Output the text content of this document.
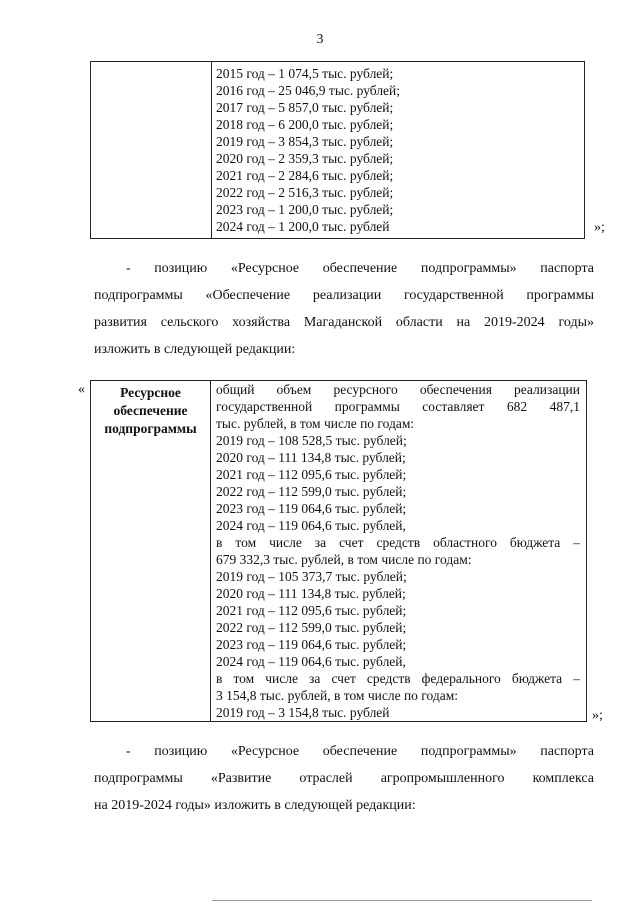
3

2015 год – 1 074,5 тыс. рублей;
2016 год – 25 046,9 тыс. рублей;
2017 год – 5 857,0 тыс. рублей;
2018 год – 6 200,0 тыс. рублей;
2019 год – 3 854,3 тыс. рублей;
2020 год – 2 359,3 тыс. рублей;
2021 год – 2 284,6 тыс. рублей;
2022 год – 2 516,3 тыс. рублей;
2023 год – 1 200,0 тыс. рублей;
2024 год – 1 200,0 тыс. рублей	»;
- позицию «Ресурсное обеспечение подпрограммы» паспорта
подпрограммы «Обеспечение реализации государственной программы
развития сельского хозяйства Магаданской области на 2019-2024 годы»
изложить в следующей редакции:
«	Ресурсное
обеспечение
подпрограммы

общий объем ресурсного обеспечения реализации
государственной программы составляет 682 487,1
тыс. рублей, в том числе по годам:
2019 год – 108 528,5 тыс. рублей;
2020 год – 111 134,8 тыс. рублей;
2021 год – 112 095,6 тыс. рублей;
2022 год – 112 599,0 тыс. рублей;
2023 год – 119 064,6 тыс. рублей;
2024 год – 119 064,6 тыс. рублей,
в том числе за счет средств областного бюджета –
679 332,3 тыс. рублей, в том числе по годам:
2019 год – 105 373,7 тыс. рублей;
2020 год – 111 134,8 тыс. рублей;
2021 год – 112 095,6 тыс. рублей;
2022 год – 112 599,0 тыс. рублей;
2023 год – 119 064,6 тыс. рублей;
2024 год – 119 064,6 тыс. рублей,
в том числе за счет средств федерального бюджета –
3 154,8 тыс. рублей, в том числе по годам:
2019 год – 3 154,8 тыс. рублей	»;
- позицию «Ресурсное обеспечение подпрограммы» паспорта
подпрограммы «Развитие отраслей агропромышленного комплекса
на 2019-2024 годы» изложить в следующей редакции:
